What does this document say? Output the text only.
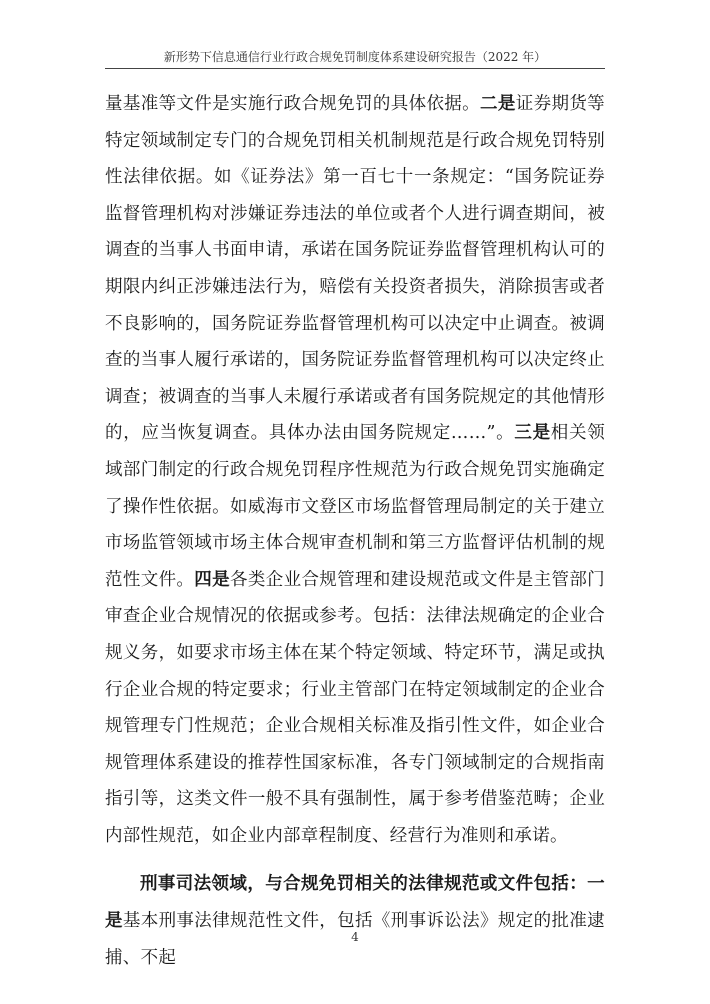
新形势下信息通信行业行政合规免罚制度体系建设研究报告（2022 年）

量基准等文件是实施行政合规免罚的具体依据。二是证券期货等特定领域制定专门的合规免罚相关机制规范是行政合规免罚特别性法律依据。如《证券法》第一百七十一条规定：“国务院证券监督管理机构对涉嫌证券违法的单位或者个人进行调查期间，被调查的当事人书面申请，承诺在国务院证券监督管理机构认可的期限内纠正涉嫌违法行为，赔偿有关投资者损失，消除损害或者不良影响的，国务院证券监督管理机构可以决定中止调查。被调查的当事人履行承诺的，国务院证券监督管理机构可以决定终止调查；被调查的当事人未履行承诺或者有国务院规定的其他情形的，应当恢复调查。具体办法由国务院规定……”。三是相关领域部门制定的行政合规免罚程序性规范为行政合规免罚实施确定了操作性依据。如威海市文登区市场监督管理局制定的关于建立市场监管领域市场主体合规审查机制和第三方监督评估机制的规范性文件。四是各类企业合规管理和建设规范或文件是主管部门审查企业合规情况的依据或参考。包括：法律法规确定的企业合规义务，如要求市场主体在某个特定领域、特定环节，满足或执行企业合规的特定要求；行业主管部门在特定领域制定的企业合规管理专门性规范；企业合规相关标准及指引性文件，如企业合规管理体系建设的推荐性国家标准，各专门领域制定的合规指南指引等，这类文件一般不具有强制性，属于参考借鉴范畴；企业内部性规范，如企业内部章程制度、经营行为准则和承诺。

刑事司法领域，与合规免罚相关的法律规范或文件包括：一是基本刑事法律规范性文件，包括《刑事诉讼法》规定的批准逮捕、不起

4
